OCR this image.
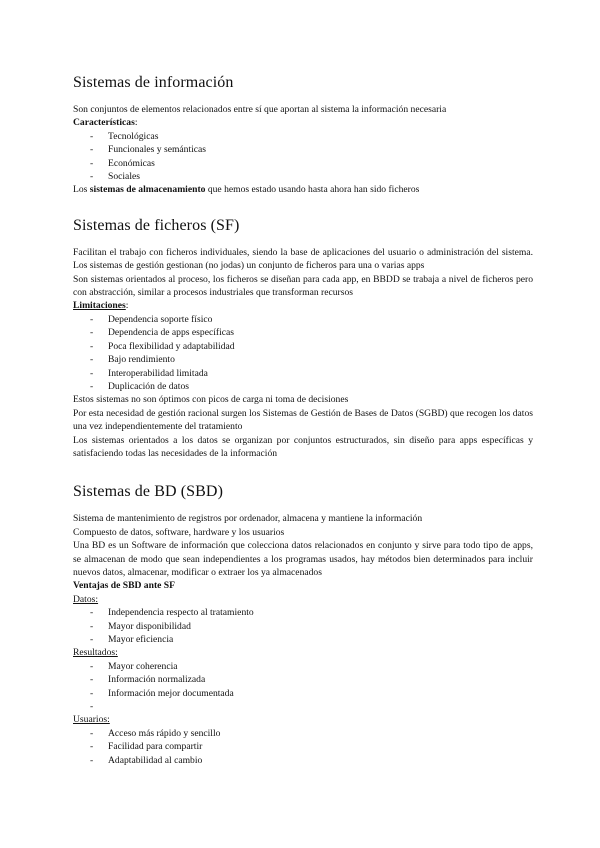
Sistemas de información

Son conjuntos de elementos relacionados entre sí que aportan al sistema la información necesaria

Características:

- Tecnológicas
- Funcionales y semánticas
- Económicas
- Sociales

Los sistemas de almacenamiento que hemos estado usando hasta ahora han sido ficheros

Sistemas de ficheros (SF)

Facilitan el trabajo con ficheros individuales, siendo la base de aplicaciones del usuario o administración del sistema. Los sistemas de gestión gestionan (no jodas) un conjunto de ficheros para una o varias apps

Son sistemas orientados al proceso, los ficheros se diseñan para cada app, en BBDD se trabaja a nivel de ficheros pero con abstracción, similar a procesos industriales que transforman recursos

Limitaciones:

- Dependencia soporte físico
- Dependencia de apps específicas
- Poca flexibilidad y adaptabilidad
- Bajo rendimiento
- Interoperabilidad limitada
- Duplicación de datos

Estos sistemas no son óptimos con picos de carga ni toma de decisiones

Por esta necesidad de gestión racional surgen los Sistemas de Gestión de Bases de Datos (SGBD) que recogen los datos una vez independientemente del tratamiento

Los sistemas orientados a los datos se organizan por conjuntos estructurados, sin diseño para apps específicas y satisfaciendo todas las necesidades de la información

Sistemas de BD (SBD)

Sistema de mantenimiento de registros por ordenador, almacena y mantiene la información

Compuesto de datos, software, hardware y los usuarios

Una BD es un Software de información que colecciona datos relacionados en conjunto y sirve para todo tipo de apps, se almacenan de modo que sean independientes a los programas usados, hay métodos bien determinados para incluir nuevos datos, almacenar, modificar o extraer los ya almacenados

Ventajas de SBD ante SF

Datos:

- Independencia respecto al tratamiento
- Mayor disponibilidad
- Mayor eficiencia

Resultados:

- Mayor coherencia
- Información normalizada
- Información mejor documentada
-

Usuarios:

- Acceso más rápido y sencillo
- Facilidad para compartir
- Adaptabilidad al cambio
